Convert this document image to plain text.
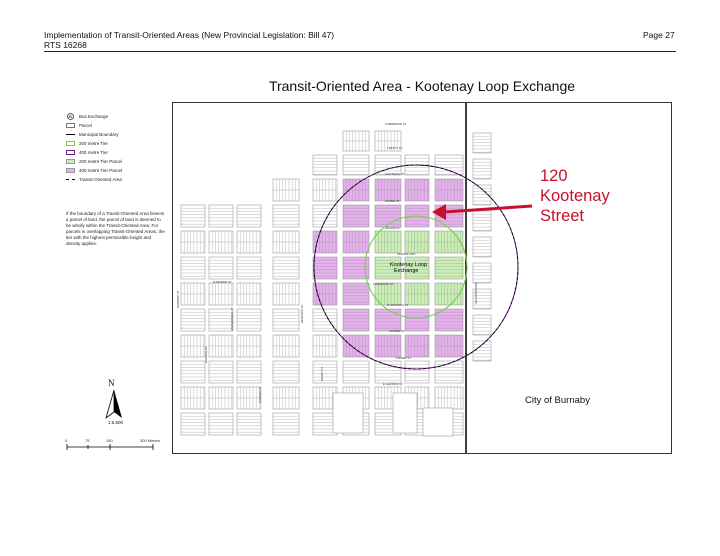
Implementation of Transit-Oriented Areas (New Provincial Legislation: Bill 47)
RTS 16268
Page 27
Transit-Oriented Area - Kootenay Loop Exchange
B Bus Exchange
Parcel
Municipal Boundary
200 metre Tier
400 metre Tier
200 metre Tier Parcel
400 metre Tier Parcel
Transit-Oriented Area
If the boundary of a Transit-Oriented Area bisects a parcel of land, the parcel of land is deemed to be wholly within the Transit-Oriented Area. For parcels in overlapping Transit-Oriented Areas, the tier with the highest permissible height and density applies.
N
1:5,500
0	75	150	300 Meters
CAMBRIDGE ST
TRINITY ST
KOOTENAY ST
NAPIER ST
WILLIAM ST
PRIVATE HWY
LAKEWOOD ST
E PENDER ST
E HASTINGS ST
BOUNDARY RD
FRASER ST
TURNER ST
E GEORGIA ST
WINDERMERE ST	RENFREW ST
GRANT ST
DUNDAS ST
GARDEN DR
NANAIMO ST
Kootenay Loop
Exchange
120
Kootenay
Street
City of Burnaby
